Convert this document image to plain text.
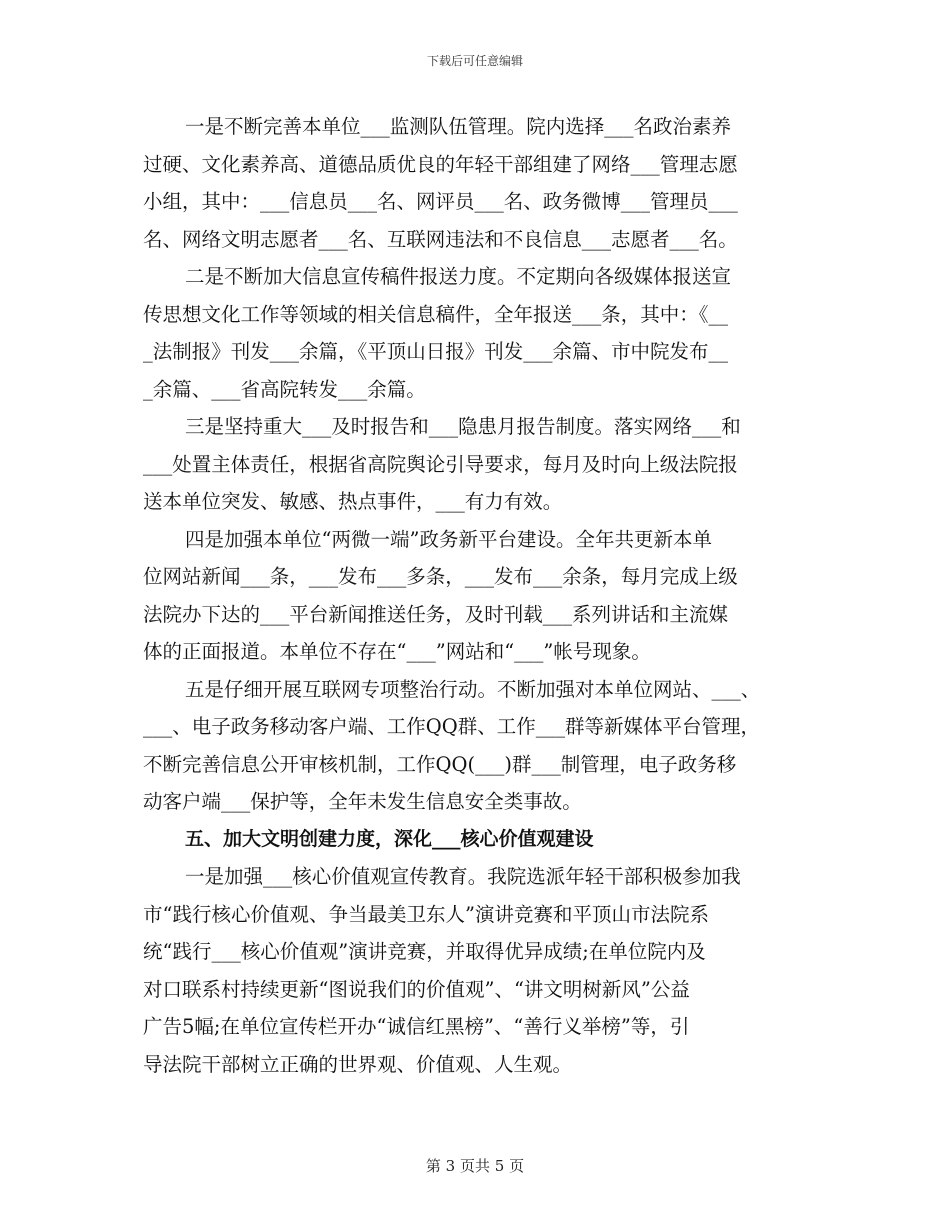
下载后可任意编辑
一是不断完善本单位___监测队伍管理。院内选择___名政治素养
过硬、文化素养高、道德品质优良的年轻干部组建了网络___管理志愿
小组，其中：___信息员___名、网评员___名、政务微博___管理员___
名、网络文明志愿者___名、互联网违法和不良信息___志愿者___名。
二是不断加大信息宣传稿件报送力度。不定期向各级媒体报送宣
传思想文化工作等领域的相关信息稿件，全年报送___条，其中：《__
_法制报》刊发___余篇，《平顶山日报》刊发___余篇、市中院发布__
_余篇、___省高院转发___余篇。
三是坚持重大___及时报告和___隐患月报告制度。落实网络___和
___处置主体责任，根据省高院舆论引导要求，每月及时向上级法院报
送本单位突发、敏感、热点事件，___有力有效。
四是加强本单位“两微一端”政务新平台建设。全年共更新本单
位网站新闻___条，___发布___多条，___发布___余条，每月完成上级
法院办下达的___平台新闻推送任务，及时刊载___系列讲话和主流媒
体的正面报道。本单位不存在“___”网站和“___”帐号现象。
五是仔细开展互联网专项整治行动。不断加强对本单位网站、___、
___、电子政务移动客户端、工作QQ群、工作___群等新媒体平台管理，
不断完善信息公开审核机制，工作QQ(___)群___制管理，电子政务移
动客户端___保护等，全年未发生信息安全类事故。
五、加大文明创建力度，深化___核心价值观建设
一是加强___核心价值观宣传教育。我院选派年轻干部积极参加我
市“践行核心价值观、争当最美卫东人”演讲竞赛和平顶山市法院系
统“践行___核心价值观”演讲竞赛，并取得优异成绩;在单位院内及
对口联系村持续更新“图说我们的价值观”、“讲文明树新风”公益
广告5幅;在单位宣传栏开办“诚信红黑榜”、“善行义举榜”等，引
导法院干部树立正确的世界观、价值观、人生观。
第 3 页共 5 页
